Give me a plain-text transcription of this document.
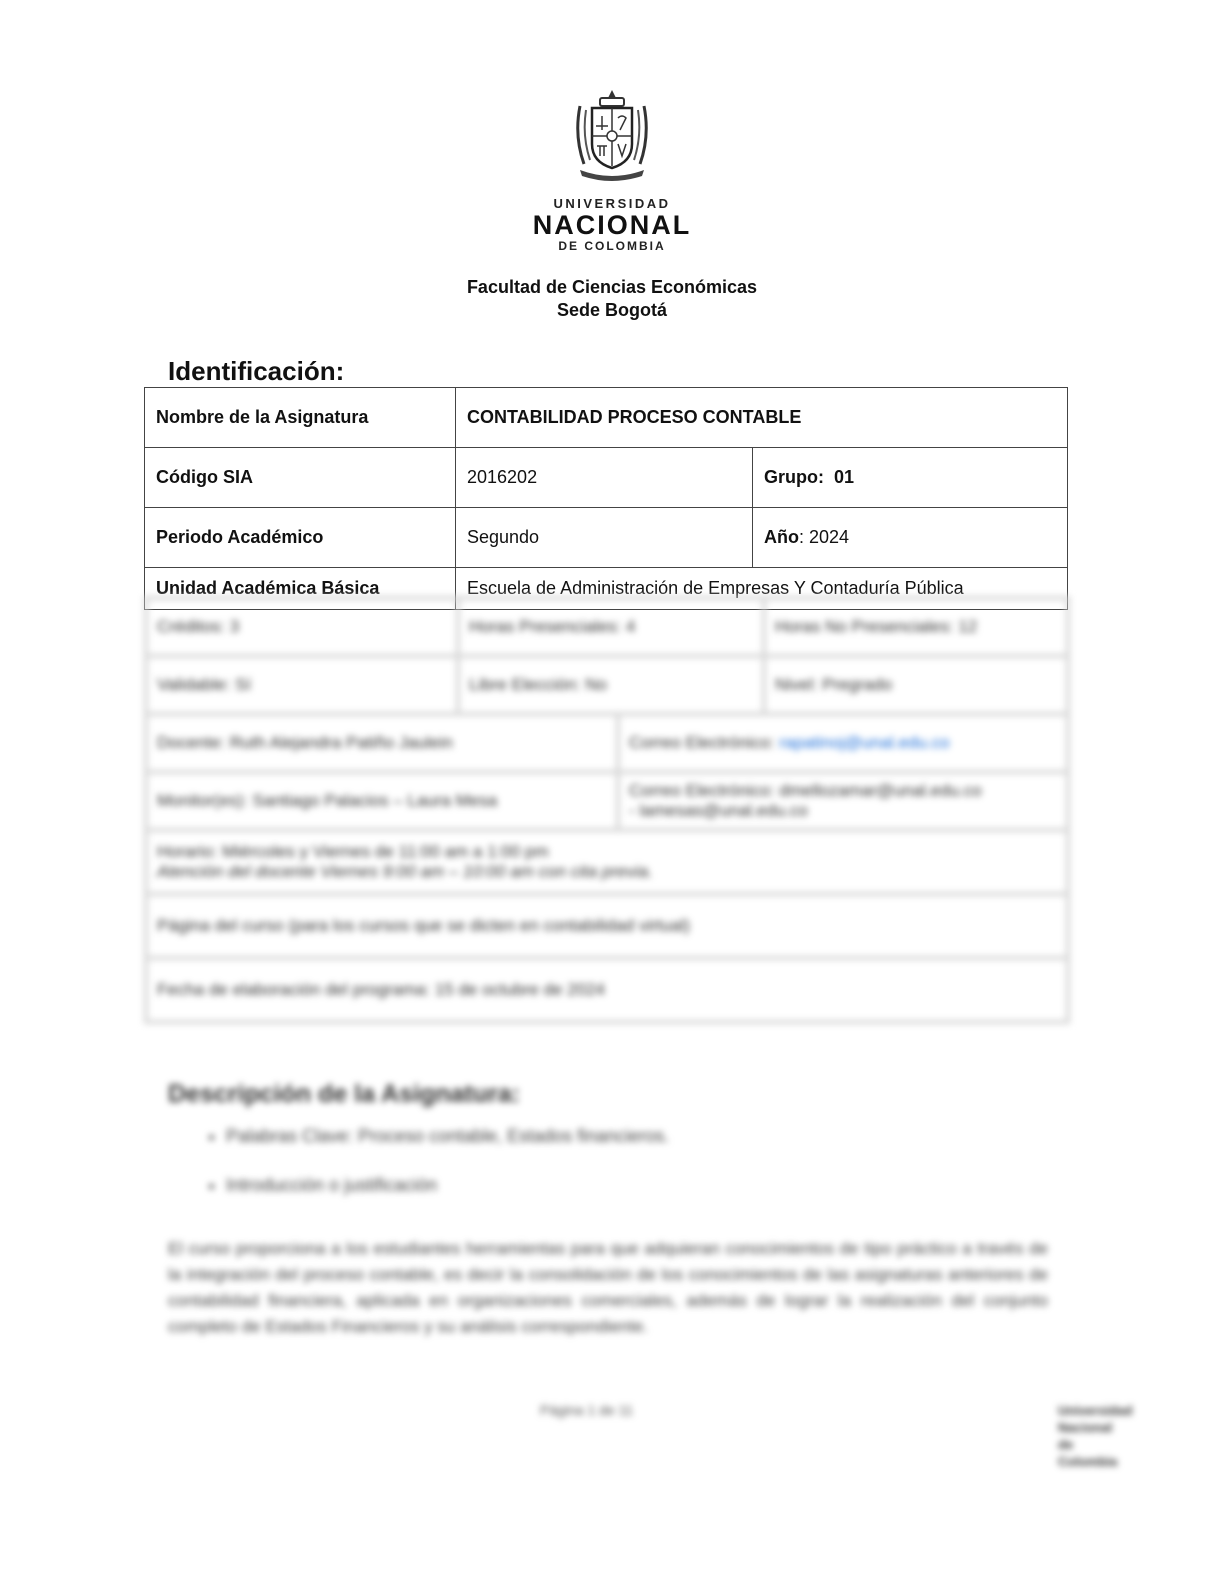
UNIVERSIDAD
NACIONAL
DE COLOMBIA
Facultad de Ciencias Económicas
Sede Bogotá
Identificación:
Nombre de la Asignatura	CONTABILIDAD PROCESO CONTABLE	
Código SIA	2016202	Grupo: 01
Periodo Académico	Segundo	Año: 2024
Unidad Académica Básica	Escuela de Administración de Empresas Y Contaduría Pública	
Créditos: 3	Horas Presenciales: 4	Horas No Presenciales: 12
Validable: Sí	Libre Elección: No	Nivel: Pregrado
Docente: Ruth Alejandra Patiño Jaulein	Correo Electrónico: rapatinoj@unal.edu.co
Monitor(es): Santiago Palacios – Laura Mesa	Correo Electrónico: dmellozamar@unal.edu.co
- lamesas@unal.edu.co
Horario: Miércoles y Viernes de 11:00 am a 1:00 pm
Atención del docente Viernes 9:00 am – 10:00 am con cita previa.

Página del curso (para los cursos que se dicten en contabilidad virtual)
Fecha de elaboración del programa: 15 de octubre de 2024
Descripción de la Asignatura:
• Palabras Clave: Proceso contable, Estados financieros.
• Introducción o justificación
El curso proporciona a los estudiantes herramientas para que adquieran conocimientos de tipo práctico a través de la integración del proceso contable, es decir la consolidación de los conocimientos de las asignaturas anteriores de contabilidad financiera, aplicada en organizaciones comerciales, además de lograr la realización del conjunto completo de Estados Financieros y su análisis correspondiente.
Página 1 de 11	Universidad
Nacional
de Colombia
